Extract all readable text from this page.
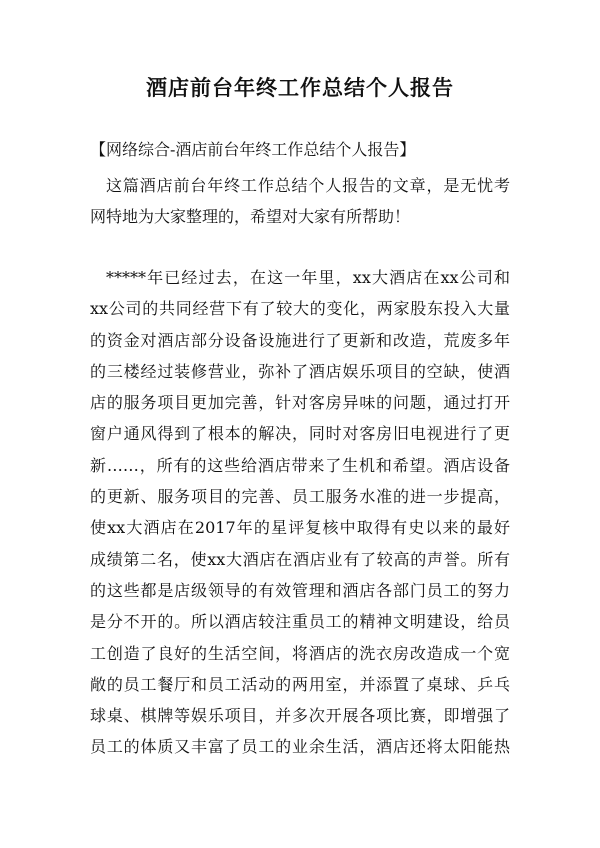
酒店前台年终工作总结个人报告
【网络综合-酒店前台年终工作总结个人报告】
这篇酒店前台年终工作总结个人报告的文章，是无忧考
网特地为大家整理的，希望对大家有所帮助！
*****年已经过去，在这一年里，xx大酒店在xx公司和
xx公司的共同经营下有了较大的变化，两家股东投入大量
的资金对酒店部分设备设施进行了更新和改造，荒废多年
的三楼经过装修营业，弥补了酒店娱乐项目的空缺，使酒
店的服务项目更加完善，针对客房异味的问题，通过打开
窗户通风得到了根本的解决，同时对客房旧电视进行了更
新……，所有的这些给酒店带来了生机和希望。酒店设备
的更新、服务项目的完善、员工服务水准的进一步提高，
使xx大酒店在2017年的星评复核中取得有史以来的最好
成绩第二名，使xx大酒店在酒店业有了较高的声誉。所有
的这些都是店级领导的有效管理和酒店各部门员工的努力
是分不开的。所以酒店较注重员工的精神文明建设，给员
工创造了良好的生活空间，将酒店的洗衣房改造成一个宽
敞的员工餐厅和员工活动的两用室，并添置了桌球、乒乓
球桌、棋牌等娱乐项目，并多次开展各项比赛，即增强了
员工的体质又丰富了员工的业余生活，酒店还将太阳能热
